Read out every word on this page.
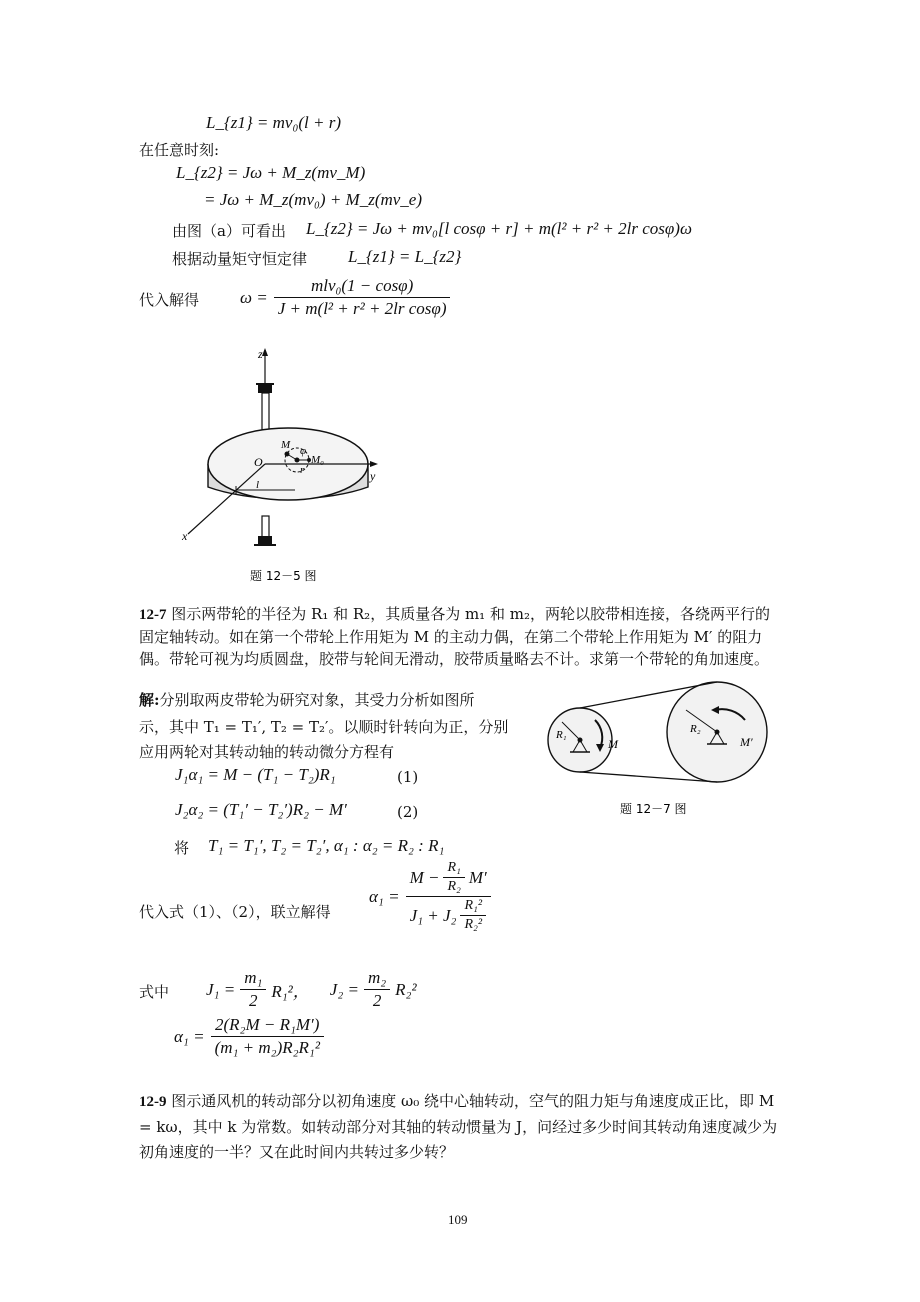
L_{z1} = mv₀(l + r)
在任意时刻:
L_{z2} = Jω + M_z(mv_M)
= Jω + M_z(mv₀) + M_z(mv_e)
由图（a）可看出 L_{z2} = Jω + mv₀[l cosφ + r] + m(l² + r² + 2lr cosφ)ω
根据动量矩守恒定律 L_{z1} = L_{z2}
代入解得 $\omega = \frac{\text{mlv₀(1 − cosφ)}}{\text{J + m(l² + r² + 2lr cosφ)}}$
z
y
x
O
M
M₀
φ
r
l
题 12－5 图
12-7 图示两带轮的半径为 R₁ 和 R₂，其质量各为 m₁ 和 m₂，两轮以胶带相连接，各绕两平行的固定轴转动。如在第一个带轮上作用矩为 M 的主动力偶，在第二个带轮上作用矩为 M′ 的阻力偶。带轮可视为均质圆盘，胶带与轮间无滑动，胶带质量略去不计。求第一个带轮的角加速度。
解:分别取两皮带轮为研究对象，其受力分析如图所
示，其中 T₁ = T₁′, T₂ = T₂′。以顺时针转向为正，分别
应用两轮对其转动轴的转动微分方程有
J₁α₁ = M − (T₁ − T₂)R₁	(1)
J₂α₂ = (T₁′ − T₂′)R₂ − M′	(2)
将 T₁ = T₁′, T₂ = T₂′, α₁ : α₂ = R₂ : R₁
代入式（1）、（2），联立解得
$\alpha_1 = \frac{M - \frac{\text{R₁}}{\text{R₂}} M'}{J_1 + J_2 \frac{\text{R₁²}}{\text{R₂²}}}$
式中 $J_1 = \frac{\text{m₁}}{2} R_1^2$， $J_2 = \frac{\text{m₂}}{2} R_2^2$
$\alpha_1 = \frac{\text{2(R₂M − R₁M′)}}{\text{(m₁ + m₂)R₂R₁²}}$
R₁
M
R₂
M′
题 12－7 图
12-9 图示通风机的转动部分以初角速度 ω₀ 绕中心轴转动，空气的阻力矩与角速度成正比，即 M = kω，其中 k 为常数。如转动部分对其轴的转动惯量为 J，问经过多少时间其转动角速度减少为初角速度的一半？又在此时间内共转过多少转？
109
